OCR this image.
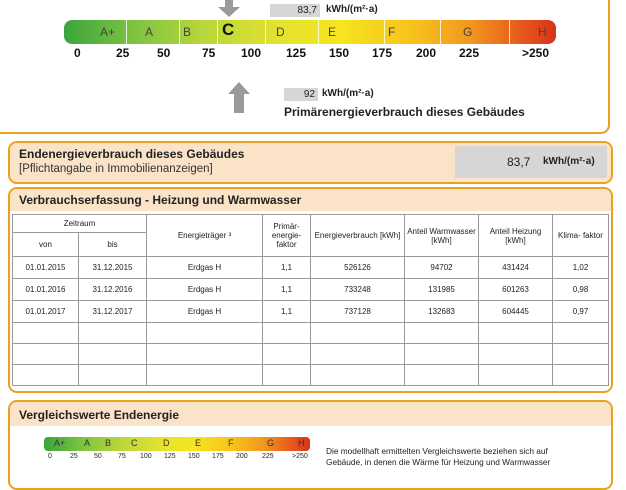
83,7 kWh/(m²·a)
A+ A B C	D	E	F	G	H
0	25 50	75 100 125 150 175 200 225	>250
92 kWh/(m²·a)
Primärenergieverbrauch dieses Gebäudes
Endenergieverbrauch dieses Gebäudes
[Pflichtangabe in Immobilienanzeigen]	83,7 kWh/(m²·a)
Verbrauchserfassung - Heizung und Warmwasser
Zeitraum		Energieträger ³	Primär- energie- faktor	Energieverbrauch [kWh]	Anteil Warmwasser [kWh]	Anteil Heizung [kWh]	Klima- faktor
von	bis						
01.01.2015	31.12.2015	Erdgas H	1,1	526126	94702	431424	1,02
01.01.2016	31.12.2016	Erdgas H	1,1	733248	131985	601263	0,98
01.01.2017	31.12.2017	Erdgas H	1,1	737128	132683	604445	0,97

Vergleichswerte Endenergie
A+ A B C	D	E	F	G	H
0	25 50 75 100 125 150 175 200 225	>250
Die modellhaft ermittelten Vergleichswerte beziehen sich auf
Gebäude, in denen die Wärme für Heizung und Warmwasser
